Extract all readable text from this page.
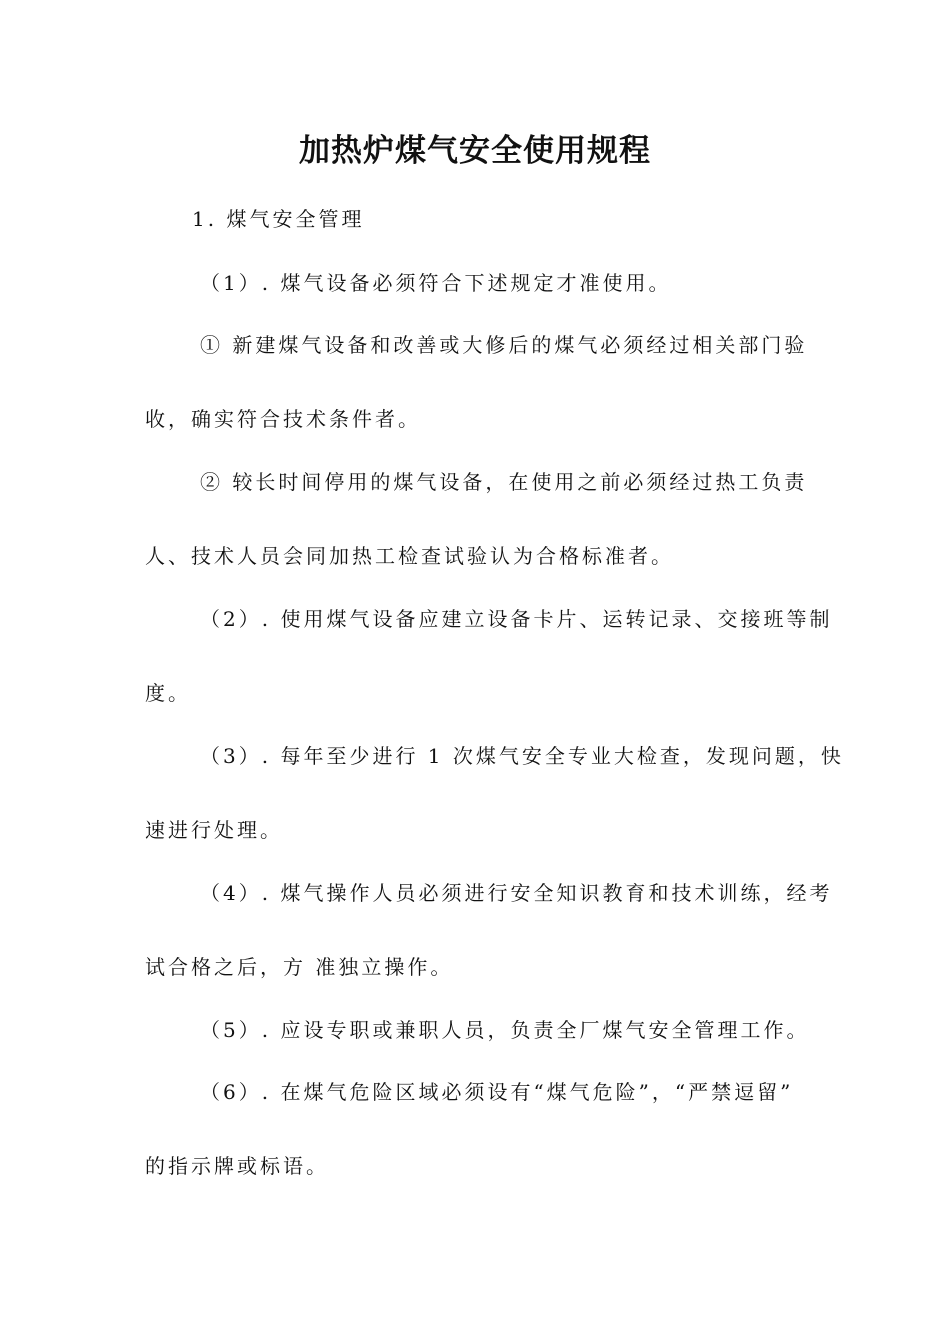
加热炉煤气安全使用规程
1. 煤气安全管理
（1）. 煤气设备必须符合下述规定才准使用。
① 新建煤气设备和改善或大修后的煤气必须经过相关部门验
收，确实符合技术条件者。
② 较长时间停用的煤气设备，在使用之前必须经过热工负责
人、技术人员会同加热工检查试验认为合格标准者。
（2）. 使用煤气设备应建立设备卡片、运转记录、交接班等制
度。
（3）. 每年至少进行 1 次煤气安全专业大检查，发现问题，快
速进行处理。
（4）. 煤气操作人员必须进行安全知识教育和技术训练，经考
试合格之后，方 准独立操作。
（5）. 应设专职或兼职人员，负责全厂煤气安全管理工作。
（6）. 在煤气危险区域必须设有“煤气危险”，“严禁逗留”
的指示牌或标语。
